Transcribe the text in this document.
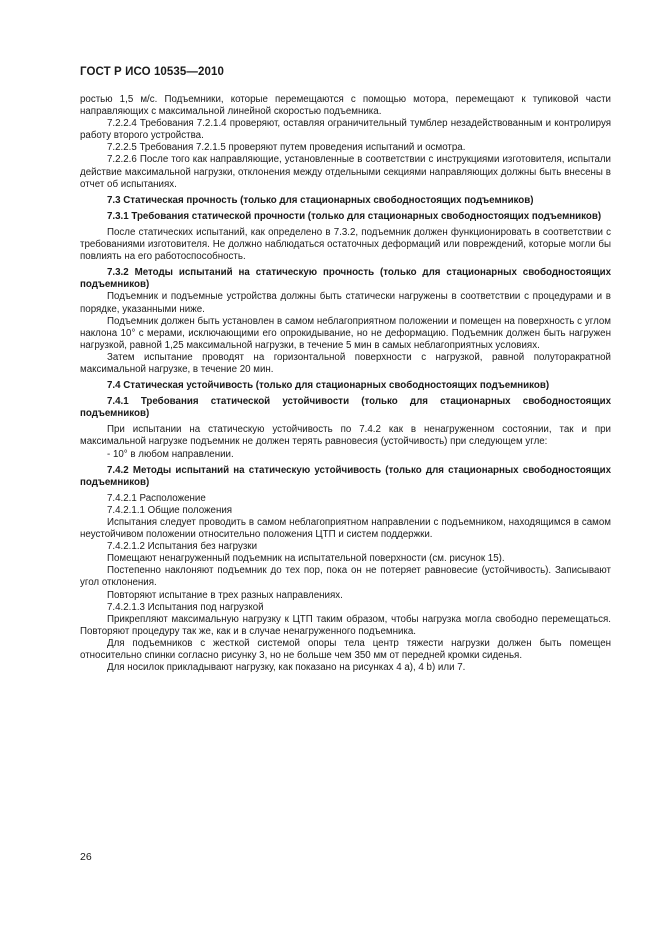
ГОСТ Р ИСО 10535—2010

ростью 1,5 м/с. Подъемники, которые перемещаются с помощью мотора, перемещают к тупиковой части направляющих с максимальной линейной скоростью подъемника.

7.2.2.4 Требования 7.2.1.4 проверяют, оставляя ограничительный тумблер незадействованным и контролируя работу второго устройства.

7.2.2.5 Требования 7.2.1.5 проверяют путем проведения испытаний и осмотра.

7.2.2.6 После того как направляющие, установленные в соответствии с инструкциями изготовителя, испытали действие максимальной нагрузки, отклонения между отдельными секциями направляющих должны быть внесены в отчет об испытаниях.

7.3 Статическая прочность (только для стационарных свободностоящих подъемников)

7.3.1 Требования статической прочности (только для стационарных свободностоящих подъемников)

После статических испытаний, как определено в 7.3.2, подъемник должен функционировать в соответствии с требованиями изготовителя. Не должно наблюдаться остаточных деформаций или повреждений, которые могли бы повлиять на его работоспособность.

7.3.2 Методы испытаний на статическую прочность (только для стационарных свободностоящих подъемников)

Подъемник и подъемные устройства должны быть статически нагружены в соответствии с процедурами и в порядке, указанными ниже.

Подъемник должен быть установлен в самом неблагоприятном положении и помещен на поверхность с углом наклона 10° с мерами, исключающими его опрокидывание, но не деформацию. Подъемник должен быть нагружен нагрузкой, равной 1,25 максимальной нагрузки, в течение 5 мин в самых неблагоприятных условиях.

Затем испытание проводят на горизонтальной поверхности с нагрузкой, равной полуторакратной максимальной нагрузке, в течение 20 мин.

7.4 Статическая устойчивость (только для стационарных свободностоящих подъемников)

7.4.1 Требования статической устойчивости (только для стационарных свободностоящих подъемников)

При испытании на статическую устойчивость по 7.4.2 как в ненагруженном состоянии, так и при максимальной нагрузке подъемник не должен терять равновесия (устойчивость) при следующем угле:

- 10° в любом направлении.

7.4.2 Методы испытаний на статическую устойчивость (только для стационарных свободностоящих подъемников)

7.4.2.1 Расположение

7.4.2.1.1 Общие положения

Испытания следует проводить в самом неблагоприятном направлении с подъемником, находящимся в самом неустойчивом положении относительно положения ЦТП и систем поддержки.

7.4.2.1.2 Испытания без нагрузки

Помещают ненагруженный подъемник на испытательной поверхности (см. рисунок 15).

Постепенно наклоняют подъемник до тех пор, пока он не потеряет равновесие (устойчивость). Записывают угол отклонения.

Повторяют испытание в трех разных направлениях.

7.4.2.1.3 Испытания под нагрузкой

Прикрепляют максимальную нагрузку к ЦТП таким образом, чтобы нагрузка могла свободно перемещаться. Повторяют процедуру так же, как и в случае ненагруженного подъемника.

Для подъемников с жесткой системой опоры тела центр тяжести нагрузки должен быть помещен относительно спинки согласно рисунку 3, но не больше чем 350 мм от передней кромки сиденья.

Для носилок прикладывают нагрузку, как показано на рисунках 4 а), 4 b) или 7.

26
